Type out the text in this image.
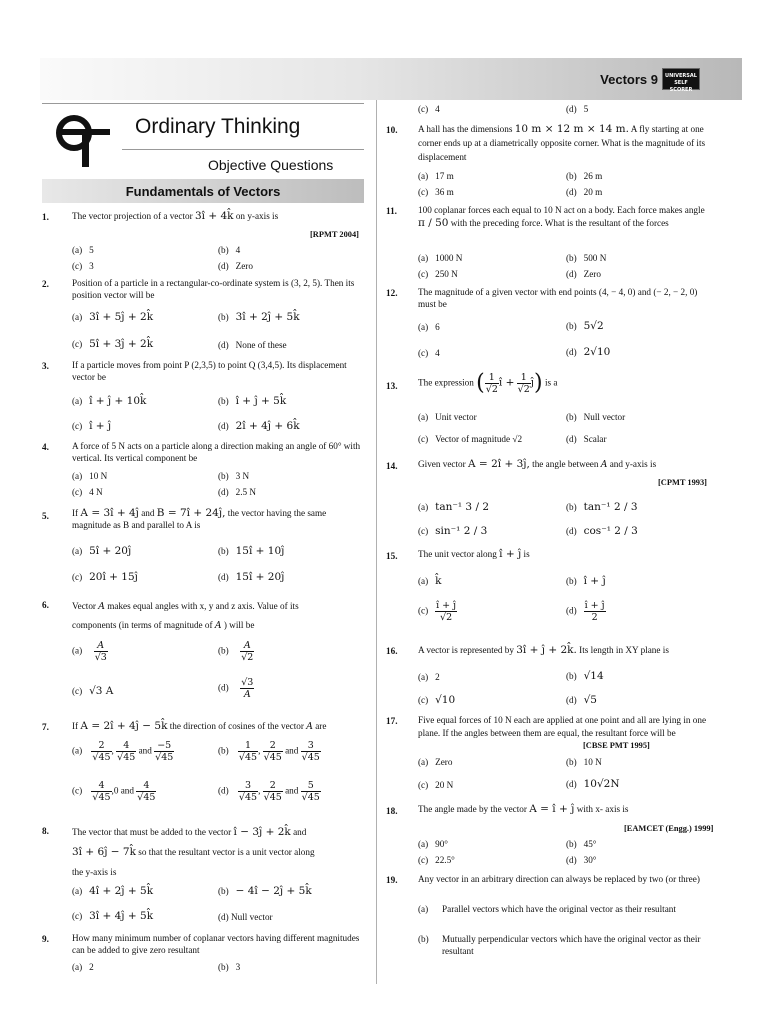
Vectors 9	UNIVERSAL
SELF SCORER
Ordinary Thinking
Objective Questions
Fundamentals of Vectors
1.	The vector projection of a vector 3î + 4k̂ on y-axis is
[RPMT 2004]
(a)   5	(b)   4
(c)   3	(d)   Zero
2.	Position of a particle in a rectangular-co-ordinate system is (3, 2, 5). Then its position vector will be
(a)   3î + 5ĵ + 2k̂	(b)   3î + 2ĵ + 5k̂
(c)   5î + 3ĵ + 2k̂	(d)   None of these
3.	If a particle moves from point P (2,3,5) to point Q (3,4,5). Its displacement vector be
(a)   î + ĵ + 10k̂	(b)   î + ĵ + 5k̂
(c)   î + ĵ	(d)   2î + 4ĵ + 6k̂
4.	A force of 5 N acts on a particle along a direction making an angle of 60° with vertical. Its vertical component be
(a)   10 N	(b)   3 N
(c)   4 N	(d)   2.5 N
5.	If A = 3î + 4ĵ and B = 7î + 24ĵ, the vector having the same
magnitude as B and parallel to A is
(a)   5î + 20ĵ	(b)   15î + 10ĵ
(c)   20î + 15ĵ	(d)   15î + 20ĵ
6.	Vector A makes equal angles with x, y and z axis. Value of its
components (in terms of magnitude of A ) will be
$(a) \frac{A}{√3}$	$(b) \frac{A}{√2}$
(c)   √3 A	$(d) \frac{√3}{A}$
7.	If A = 2î + 4ĵ − 5k̂ the direction of cosines of the vector A are
$(a) \frac{2}{√45}$ , $\frac{4}{√45}$ and $\frac{-5}{√45}$	$(b) \frac{1}{√45}$ , $\frac{2}{√45}$ and $\frac{3}{√45}$
$(c) \frac{4}{√45} ,0$ and $\frac{4}{√45}$	$(d) \frac{3}{√45}$ , $\frac{2}{√45}$ and $\frac{5}{√45}$
8.	The vector that must be added to the vector î − 3ĵ + 2k̂ and
3î + 6ĵ − 7k̂ so that the resultant vector is a unit vector along
the y-axis is
(a)   4î + 2ĵ + 5k̂	(b)   − 4î − 2ĵ + 5k̂
(c)   3î + 4ĵ + 5k̂	(d) Null vector
9.	How many minimum number of coplanar vectors having different magnitudes can be added to give zero resultant
(a)   2	(b)   3
(c)   4	(d)   5
10. A hall has the dimensions 10 m × 12 m × 14 m. A fly starting at one corner ends up at a diametrically opposite corner. What is the magnitude of its displacement
(a)   17 m	(b)   26 m
(c)   36 m	(d)   20 m
11. 100 coplanar forces each equal to 10 N act on a body. Each force makes angle π / 50 with the preceding force. What is the resultant of the forces
(a)   1000 N	(b)   500 N
(c)   250 N	(d)   Zero
12. The magnitude of a given vector with end points (4, − 4, 0) and (− 2, − 2, 0) must be
(a)   6	(b)   5√2
(c)   4	(d)   2√10
13. The expression ( $\frac{1}{√2}$ î + $\frac{1}{√2}$ ĵ) is a
(a)   Unit vector	(b)   Null vector
(c)   Vector of magnitude √2	(d)   Scalar
14. Given vector A = 2î + 3ĵ, the angle between A and y-axis is
[CPMT 1993]
(a)   tan⁻¹ 3 / 2	(b)   tan⁻¹ 2 / 3
(c)   sin⁻¹ 2 / 3	(d)   cos⁻¹ 2 / 3
15. The unit vector along î + ĵ is
(a)   k̂	(b)   î + ĵ
$(c) \frac{î + ĵ}{√2}$	$(d) \frac{î + ĵ}{2}$
16. A vector is represented by 3î + ĵ + 2k̂. Its length in XY plane is
(a)   2	(b)   √14
(c)   √10	(d)   √5
17. Five equal forces of 10 N each are applied at one point and all are lying in one plane. If the angles between them are equal, the resultant force will be
[CBSE PMT 1995]
(a)   Zero	(b)   10 N
(c)   20 N	(d)   10√2N
18. The angle made by the vector A = î + ĵ with x- axis is
[EAMCET (Engg.) 1999]
(a)   90°	(b)   45°
(c)   22.5°	(d)   30°
19. Any vector in an arbitrary direction can always be replaced by two (or three)
(a) Parallel vectors which have the original vector as their resultant
(b) Mutually perpendicular vectors which have the original vector as their resultant
